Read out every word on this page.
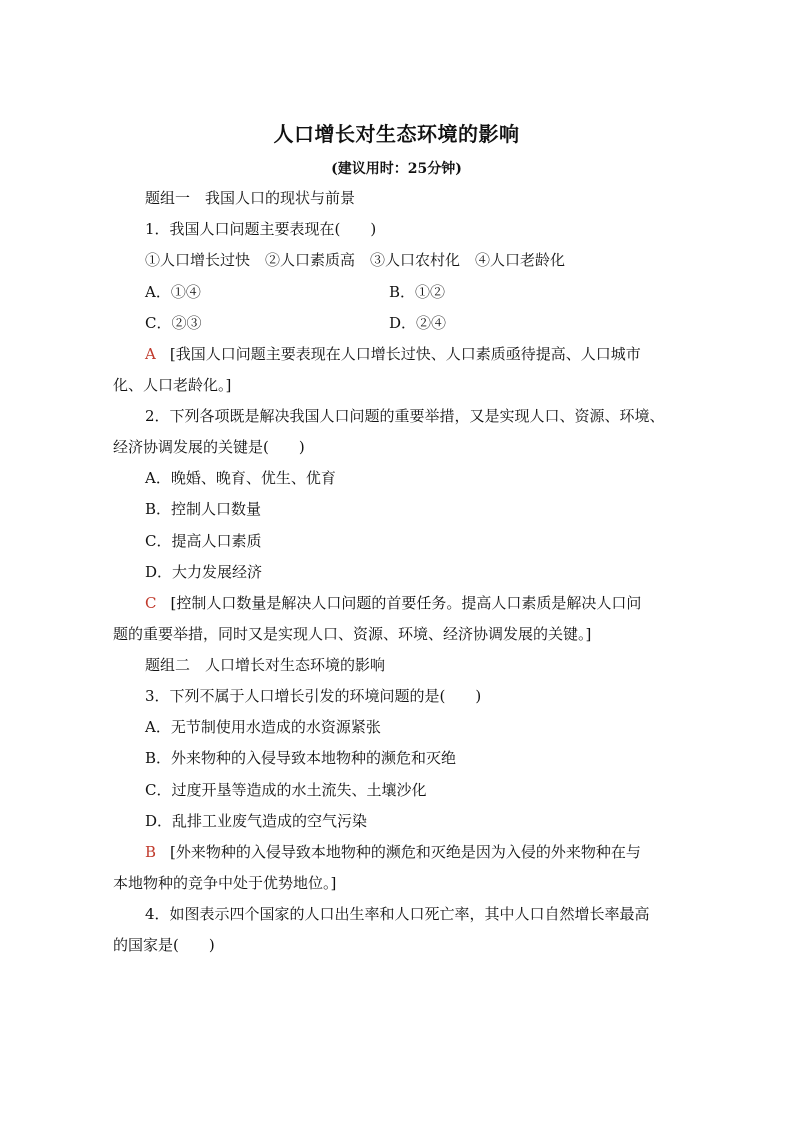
人口增长对生态环境的影响
(建议用时：25分钟)
题组一　我国人口的现状与前景
1．我国人口问题主要表现在(　　)
①人口增长过快　②人口素质高　③人口农村化　④人口老龄化
A．①④	B．①②
C．②③	D．②④
A [我国人口问题主要表现在人口增长过快、人口素质亟待提高、人口城市
化、人口老龄化。]
2．下列各项既是解决我国人口问题的重要举措，又是实现人口、资源、环境、
经济协调发展的关键是(　　)
A．晚婚、晚育、优生、优育
B．控制人口数量
C．提高人口素质
D．大力发展经济
C [控制人口数量是解决人口问题的首要任务。提高人口素质是解决人口问
题的重要举措，同时又是实现人口、资源、环境、经济协调发展的关键。]
题组二　人口增长对生态环境的影响
3．下列不属于人口增长引发的环境问题的是(　　)
A．无节制使用水造成的水资源紧张
B．外来物种的入侵导致本地物种的濒危和灭绝
C．过度开垦等造成的水土流失、土壤沙化
D．乱排工业废气造成的空气污染
B [外来物种的入侵导致本地物种的濒危和灭绝是因为入侵的外来物种在与
本地物种的竞争中处于优势地位。]
4．如图表示四个国家的人口出生率和人口死亡率，其中人口自然增长率最高
的国家是(　　)
